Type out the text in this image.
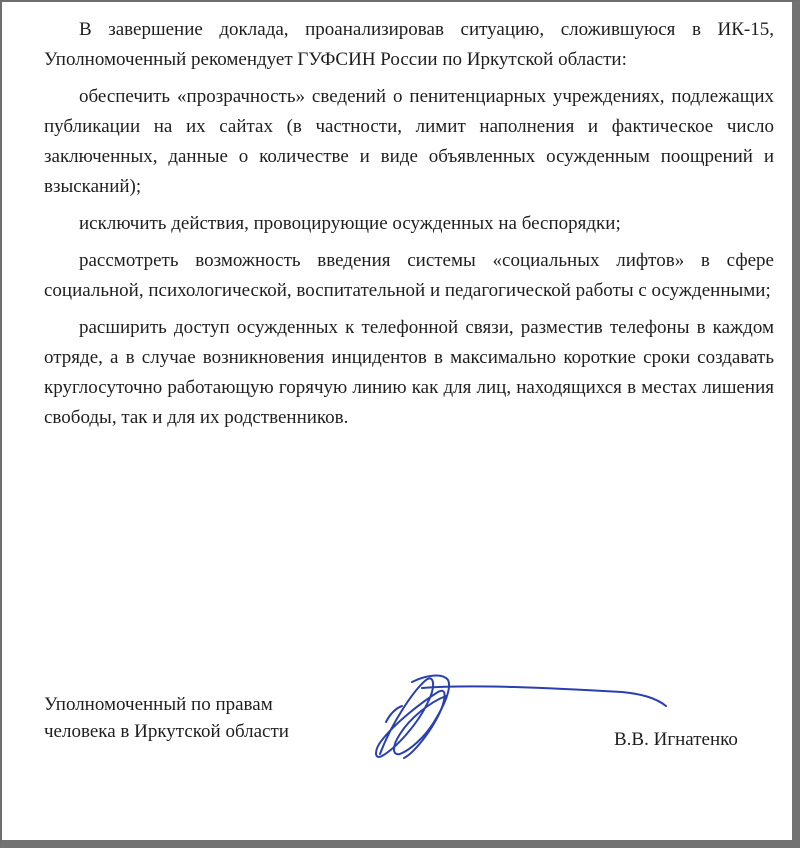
В завершение доклада, проанализировав ситуацию, сложившуюся в ИК-15, Уполномоченный рекомендует ГУФСИН России по Иркутской области:

обеспечить «прозрачность» сведений о пенитенциарных учреждениях, подлежащих публикации на их сайтах (в частности, лимит наполнения и фактическое число заключенных, данные о количестве и виде объявленных осужденным поощрений и взысканий);

исключить действия, провоцирующие осужденных на беспорядки;

рассмотреть возможность введения системы «социальных лифтов» в сфере социальной, психологической, воспитательной и педагогической работы с осужденными;

расширить доступ осужденных к телефонной связи, разместив телефоны в каждом отряде, а в случае возникновения инцидентов в максимально короткие сроки создавать круглосуточно работающую горячую линию как для лиц, находящихся в местах лишения свободы, так и для их родственников.

Уполномоченный по правам
человека в Иркутской области	В.В. Игнатенко
